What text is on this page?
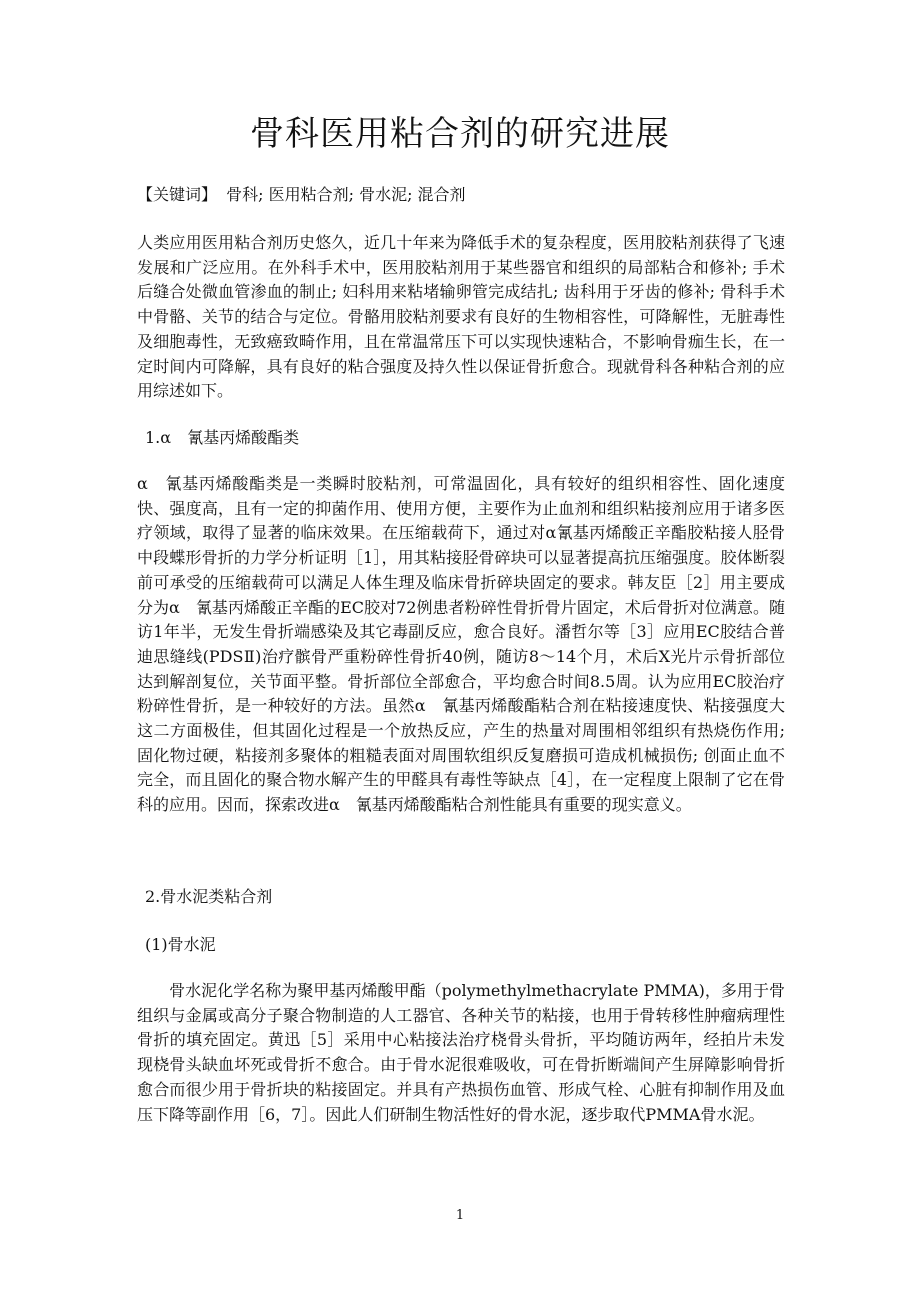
骨科医用粘合剂的研究进展
【关键词】 骨科; 医用粘合剂; 骨水泥; 混合剂

人类应用医用粘合剂历史悠久，近几十年来为降低手术的复杂程度，医用胶粘剂获得了飞速发展和广泛应用。在外科手术中，医用胶粘剂用于某些器官和组织的局部粘合和修补; 手术后缝合处微血管渗血的制止; 妇科用来粘堵输卵管完成结扎; 齿科用于牙齿的修补; 骨科手术中骨骼、关节的结合与定位。骨骼用胶粘剂要求有良好的生物相容性，可降解性，无脏毒性及细胞毒性，无致癌致畸作用，且在常温常压下可以实现快速粘合，不影响骨痂生长，在一定时间内可降解，具有良好的粘合强度及持久性以保证骨折愈合。现就骨科各种粘合剂的应用综述如下。

1.α　氰基丙烯酸酯类

α　氰基丙烯酸酯类是一类瞬时胶粘剂，可常温固化，具有较好的组织相容性、固化速度快、强度高，且有一定的抑菌作用、使用方便，主要作为止血剂和组织粘接剂应用于诸多医疗领域，取得了显著的临床效果。在压缩载荷下，通过对α氰基丙烯酸正辛酯胶粘接人胫骨中段蝶形骨折的力学分析证明［1］，用其粘接胫骨碎块可以显著提高抗压缩强度。胶体断裂前可承受的压缩载荷可以满足人体生理及临床骨折碎块固定的要求。韩友臣［2］用主要成分为α　氰基丙烯酸正辛酯的EC胶对72例患者粉碎性骨折骨片固定，术后骨折对位满意。随访1年半，无发生骨折端感染及其它毒副反应，愈合良好。潘哲尔等［3］应用EC胶结合普迪思缝线(PDSⅡ)治疗髌骨严重粉碎性骨折40例，随访8～14个月，术后X光片示骨折部位达到解剖复位，关节面平整。骨折部位全部愈合，平均愈合时间8.5周。认为应用EC胶治疗粉碎性骨折，是一种较好的方法。虽然α　氰基丙烯酸酯粘合剂在粘接速度快、粘接强度大这二方面极佳，但其固化过程是一个放热反应，产生的热量对周围相邻组织有热烧伤作用; 固化物过硬，粘接剂多聚体的粗糙表面对周围软组织反复磨损可造成机械损伤; 创面止血不完全，而且固化的聚合物水解产生的甲醛具有毒性等缺点［4］，在一定程度上限制了它在骨科的应用。因而，探索改进α　氰基丙烯酸酯粘合剂性能具有重要的现实意义。

2.骨水泥类粘合剂
(1)骨水泥

　　骨水泥化学名称为聚甲基丙烯酸甲酯（polymethylmethacrylate PMMA)，多用于骨组织与金属或高分子聚合物制造的人工器官、各种关节的粘接，也用于骨转移性肿瘤病理性骨折的填充固定。黄迅［5］采用中心粘接法治疗桡骨头骨折，平均随访两年，经拍片未发现桡骨头缺血坏死或骨折不愈合。由于骨水泥很难吸收，可在骨折断端间产生屏障影响骨折愈合而很少用于骨折块的粘接固定。并具有产热损伤血管、形成气栓、心脏有抑制作用及血压下降等副作用［6，7］。因此人们研制生物活性好的骨水泥，逐步取代PMMA骨水泥。

1
